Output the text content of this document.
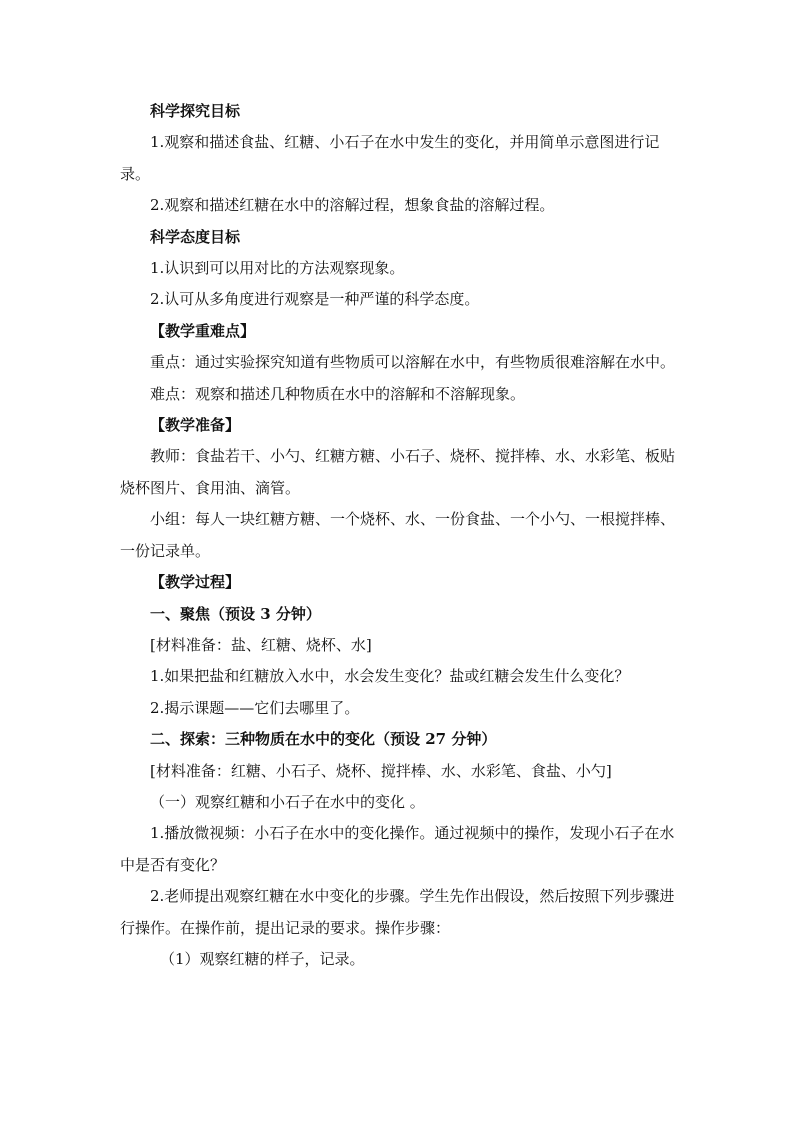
科学探究目标

1.观察和描述食盐、红糖、小石子在水中发生的变化，并用简单示意图进行记录。

2.观察和描述红糖在水中的溶解过程，想象食盐的溶解过程。

科学态度目标

1.认识到可以用对比的方法观察现象。

2.认可从多角度进行观察是一种严谨的科学态度。

【教学重难点】

重点：通过实验探究知道有些物质可以溶解在水中，有些物质很难溶解在水中。

难点：观察和描述几种物质在水中的溶解和不溶解现象。

【教学准备】

教师：食盐若干、小勺、红糖方糖、小石子、烧杯、搅拌棒、水、水彩笔、板贴烧杯图片、食用油、滴管。

小组：每人一块红糖方糖、一个烧杯、水、一份食盐、一个小勺、一根搅拌棒、一份记录单。

【教学过程】

一、聚焦（预设 3 分钟）

[材料准备：盐、红糖、烧杯、水]

1.如果把盐和红糖放入水中，水会发生变化？盐或红糖会发生什么变化？

2.揭示课题——它们去哪里了。

二、探索：三种物质在水中的变化（预设 27 分钟）

[材料准备：红糖、小石子、烧杯、搅拌棒、水、水彩笔、食盐、小勺]

（一）观察红糖和小石子在水中的变化 。

1.播放微视频：小石子在水中的变化操作。通过视频中的操作，发现小石子在水中是否有变化？

2.老师提出观察红糖在水中变化的步骤。学生先作出假设，然后按照下列步骤进行操作。在操作前，提出记录的要求。操作步骤：

（1）观察红糖的样子，记录。
